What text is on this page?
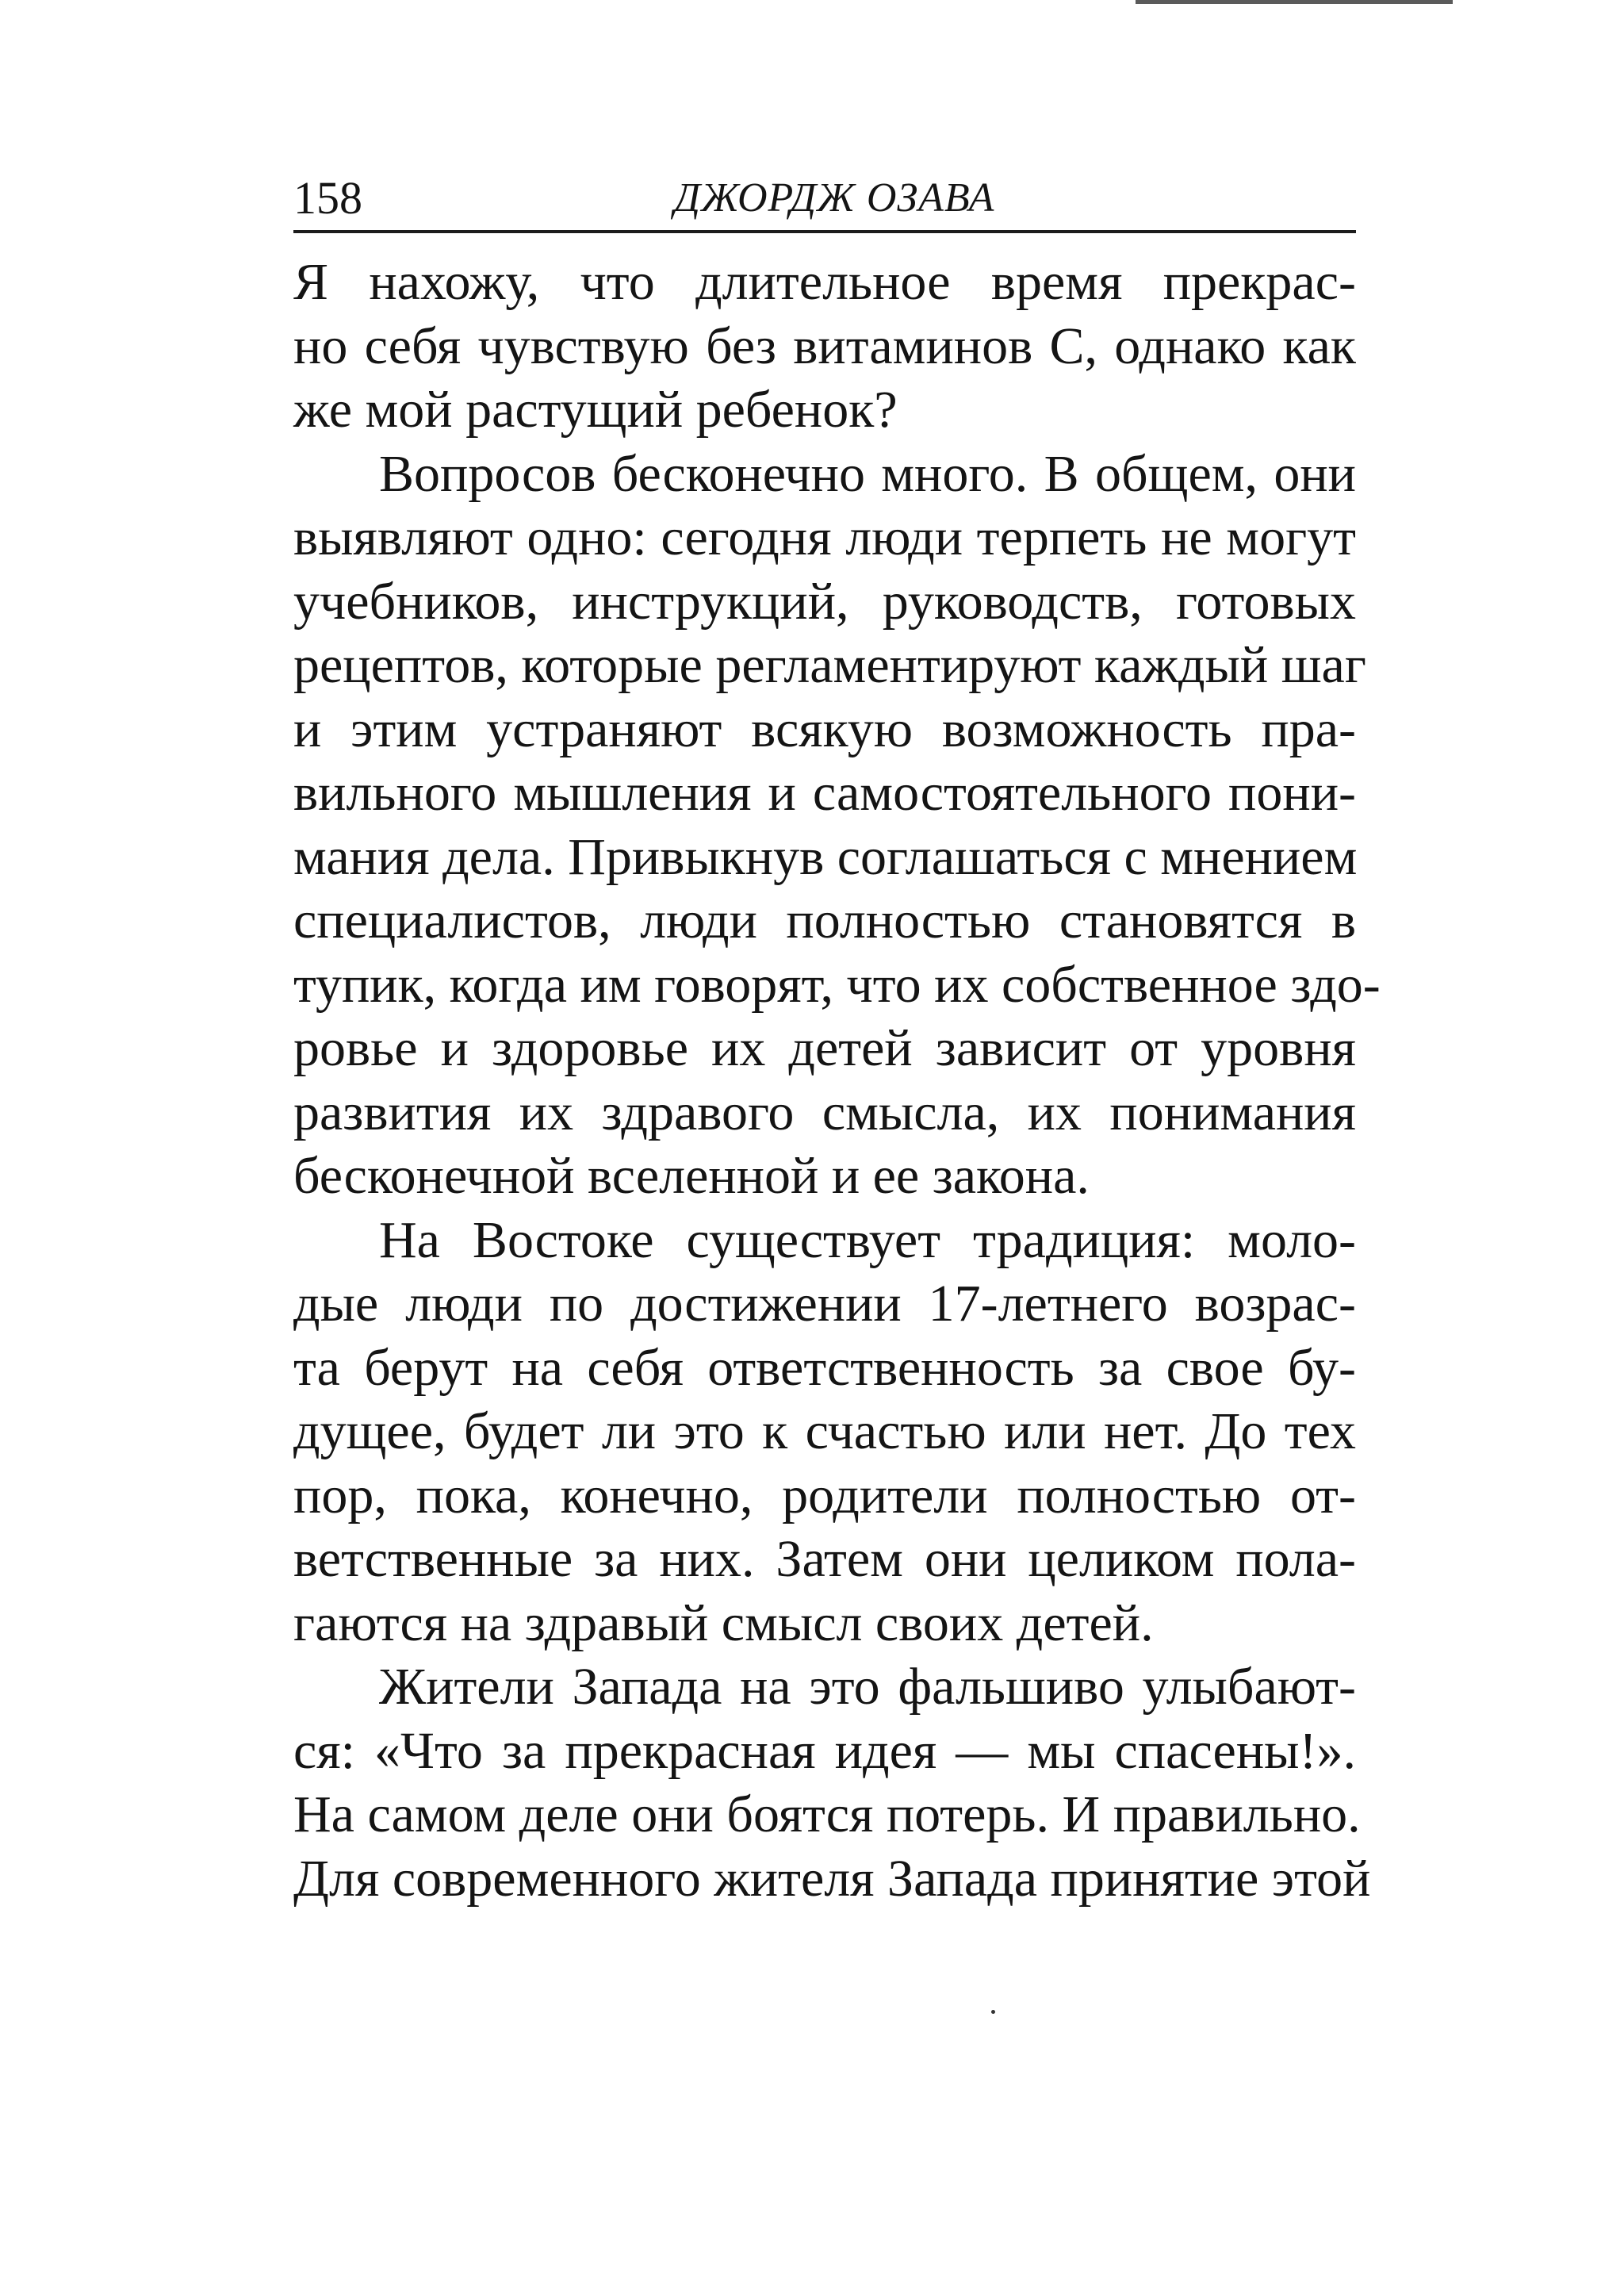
158	ДЖОРДЖ ОЗАВА
Я нахожу, что длительное время прекрас-
но себя чувствую без витаминов С, однако как
же мой растущий ребенок?
Вопросов бесконечно много. В общем, они
выявляют одно: сегодня люди терпеть не могут
учебников, инструкций, руководств, готовых
рецептов, которые регламентируют каждый шаг
и этим устраняют всякую возможность пра-
вильного мышления и самостоятельного пони-
мания дела. Привыкнув соглашаться с мнением
специалистов, люди полностью становятся в
тупик, когда им говорят, что их собственное здо-
ровье и здоровье их детей зависит от уровня
развития их здравого смысла, их понимания
бесконечной вселенной и ее закона.
На Востоке существует традиция: моло-
дые люди по достижении 17-летнего возрас-
та берут на себя ответственность за свое бу-
дущее, будет ли это к счастью или нет. До тех
пор, пока, конечно, родители полностью от-
ветственные за них. Затем они целиком пола-
гаются на здравый смысл своих детей.
Жители Запада на это фальшиво улыбают-
ся: «Что за прекрасная идея — мы спасены!».
На самом деле они боятся потерь. И правильно.
Для современного жителя Запада принятие этой
